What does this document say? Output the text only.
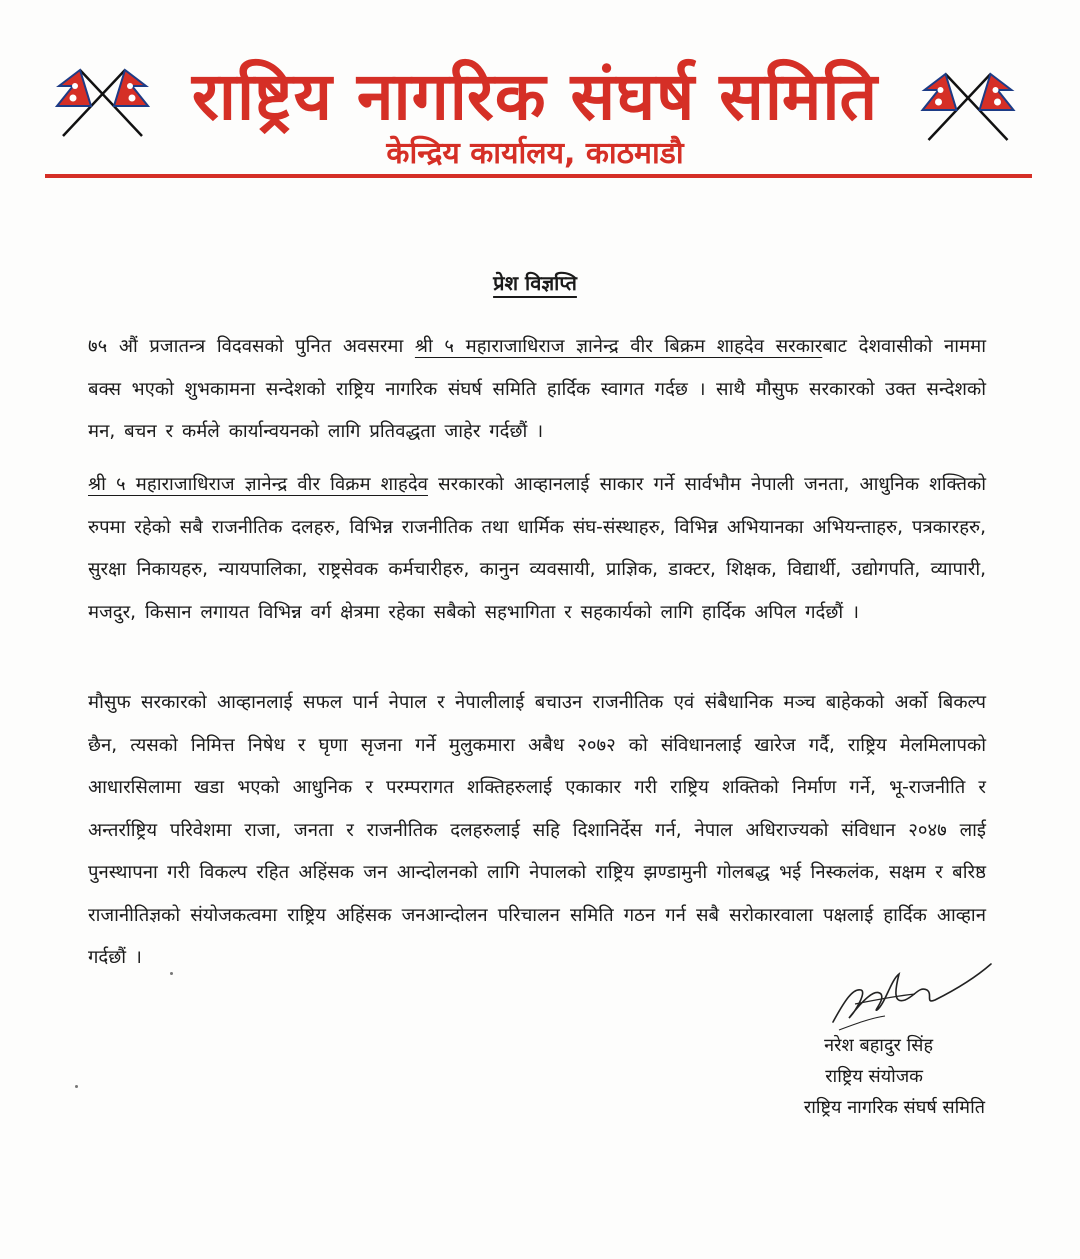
राष्ट्रिय नागरिक संघर्ष समिति
केन्द्रिय कार्यालय, काठमाडौ
प्रेश विज्ञप्ति
७५ औं प्रजातन्त्र विदवसको पुनित अवसरमा श्री ५ महाराजाधिराज ज्ञानेन्द्र वीर बिक्रम शाहदेव सरकारबाट देशवासीको नाममा बक्स भएको शुभकामना सन्देशको राष्ट्रिय नागरिक संघर्ष समिति हार्दिक स्वागत गर्दछ । साथै मौसुफ सरकारको उक्त सन्देशको मन, बचन र कर्मले कार्यान्वयनको लागि प्रतिवद्धता जाहेर गर्दछौं ।
श्री ५ महाराजाधिराज ज्ञानेन्द्र वीर विक्रम शाहदेव सरकारको आव्हानलाई साकार गर्ने सार्वभौम नेपाली जनता, आधुनिक शक्तिको रुपमा रहेको सबै राजनीतिक दलहरु, विभिन्न राजनीतिक तथा धार्मिक संघ-संस्थाहरु, विभिन्न अभियानका अभियन्ताहरु, पत्रकारहरु, सुरक्षा निकायहरु, न्यायपालिका, राष्ट्रसेवक कर्मचारीहरु, कानुन व्यवसायी, प्राज्ञिक, डाक्टर, शिक्षक, विद्यार्थी, उद्योगपति, व्यापारी, मजदुर, किसान लगायत विभिन्न वर्ग क्षेत्रमा रहेका सबैको सहभागिता र सहकार्यको लागि हार्दिक अपिल गर्दछौं ।
मौसुफ सरकारको आव्हानलाई सफल पार्न नेपाल र नेपालीलाई बचाउन राजनीतिक एवं संबैधानिक मञ्च बाहेकको अर्को बिकल्प छैन, त्यसको निमित्त निषेध र घृणा सृजना गर्ने मुलुकमारा अबैध २०७२ को संविधानलाई खारेज गर्दै, राष्ट्रिय मेलमिलापको आधारसिलामा खडा भएको आधुनिक र परम्परागत शक्तिहरुलाई एकाकार गरी राष्ट्रिय शक्तिको निर्माण गर्ने, भू-राजनीति र अन्तर्राष्ट्रिय परिवेशमा राजा, जनता र राजनीतिक दलहरुलाई सहि दिशानिर्देस गर्न, नेपाल अधिराज्यको संविधान २०४७ लाई पुनस्थापना गरी विकल्प रहित अहिंसक जन आन्दोलनको लागि नेपालको राष्ट्रिय झण्डामुनी गोलबद्ध भई निस्कलंक, सक्षम र बरिष्ठ राजानीतिज्ञको संयोजकत्वमा राष्ट्रिय अहिंसक जनआन्दोलन परिचालन समिति गठन गर्न सबै सरोकारवाला पक्षलाई हार्दिक आव्हान गर्दछौं ।
नरेश बहादुर सिंह
राष्ट्रिय संयोजक
राष्ट्रिय नागरिक संघर्ष समिति
